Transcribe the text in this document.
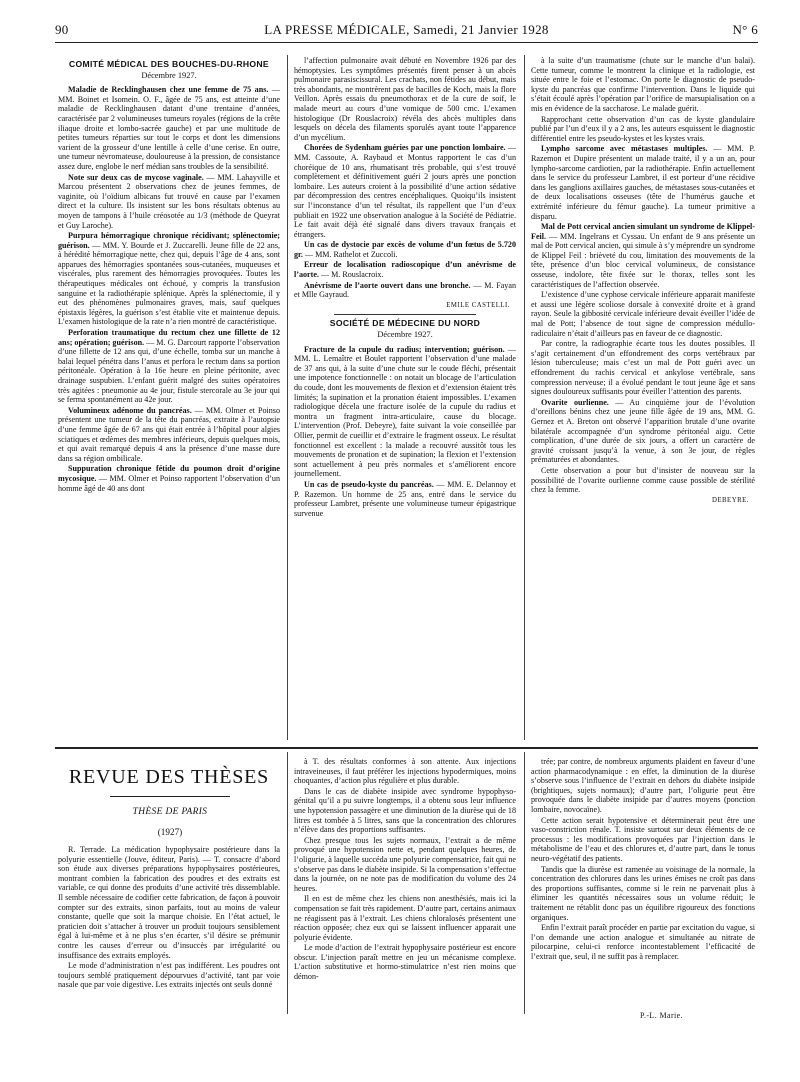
90	LA PRESSE MÉDICALE, Samedi, 21 Janvier 1928	N° 6
COMITÉ MÉDICAL DES BOUCHES-DU-RHONE
Décembre 1927.

Maladie de Recklinghausen chez une femme de 75 ans. — MM. Boinet et Isomein. O. F., âgée de 75 ans, est atteinte d’une maladie de Recklinghausen datant d’une trentaine d’années, caractérisée par 2 volumineuses tumeurs royales (régions de la crête iliaque droite et lombo-sacrée gauche) et par une multitude de petites tumeurs réparties sur tout le corps et dont les dimensions varient de la grosseur d’une lentille à celle d’une cerise. En outre, une tumeur névromateuse, douloureuse à la pression, de consistance assez dure, englobe le nerf médian sans troubles de la sensibilité.

Note sur deux cas de mycose vaginale. — MM. Lahayville et Marcou présentent 2 observations chez de jeunes femmes, de vaginite, où l’oïdium albicans fut trouvé en cause par l’examen direct et la culture. Ils insistent sur les bons résultats obtenus au moyen de tampons à l’huile créosotée au 1/3 (méthode de Queyrat et Guy Laroche).

Purpura hémorragique chronique récidivant; splénectomie; guérison. — MM. Y. Bourde et J. Zuccarelli. Jeune fille de 22 ans, à hérédité hémorragique nette, chez qui, depuis l’âge de 4 ans, sont apparues des hémorragies spontanées sous-cutanées, muqueuses et viscérales, plus rarement des hémorragies provoquées. Toutes les thérapeutiques médicales ont échoué, y compris la transfusion sanguine et la radiothérapie splénique. Après la splénectomie, il y eut des phénomènes pulmonaires graves, mais, sauf quelques épistaxis légères, la guérison s’est établie vite et maintenue depuis. L’examen histologique de la rate n’a rien montré de caractéristique.

Perforation traumatique du rectum chez une fillette de 12 ans; opération; guérison. — M. G. Darcourt rapporte l’observation d’une fillette de 12 ans qui, d’une échelle, tomba sur un manche à balai lequel pénétra dans l’anus et perfora le rectum dans sa portion péritonéale. Opération à la 16e heure en pleine péritonite, avec drainage suspubien. L’enfant guérit malgré des suites opératoires très agitées : pneumonie au 4e jour, fistule stercorale au 3e jour qui se ferma spontanément au 42e jour.

Volumineux adénome du pancréas. — MM. Olmer et Poinso présentent une tumeur de la tête du pancréas, extraite à l’autopsie d’une femme âgée de 67 ans qui était entrée à l’hôpital pour algies sciatiques et œdèmes des membres inférieurs, depuis quelques mois, et qui avait remarqué depuis 4 ans la présence d’une masse dure dans sa région ombilicale.

Suppuration chronique fétide du poumon droit d’origine mycosique. — MM. Olmer et Poinso rapportent l’observation d’un homme âgé de 40 ans dont

l’affection pulmonaire avait débuté en Novembre 1926 par des hémoptysies. Les symptômes présentés firent penser à un abcès pulmonaire parasiscissural. Les crachats, non fétides au début, mais très abondants, ne montrèrent pas de bacilles de Koch, mais la flore Veillon. Après essais du pneumothorax et de la cure de soif, le malade meurt au cours d’une vomique de 500 cmc. L’examen histologique (Dr Rouslacroix) révéla des abcès multiples dans lesquels on décela des filaments sporulés ayant toute l’apparence d’un mycélium.

Chorées de Sydenham guéries par une ponction lombaire. — MM. Cassoute, A. Raybaud et Montus rapportent le cas d’un choréique de 10 ans, rhumatisant très probable, qui s’est trouvé complètement et définitivement guéri 2 jours après une ponction lombaire. Les auteurs croient à la possibilité d’une action sédative par décompression des centres encéphaliques. Quoiqu’ils insistent sur l’inconstance d’un tel résultat, ils rappellent que l’un d’eux publiait en 1922 une observation analogue à la Société de Pédiatrie. Le fait avait déjà été signalé dans divers travaux français et étrangers.

Un cas de dystocie par excès de volume d’un fœtus de 5.720 gr. — MM. Rathelot et Zuccoli.

Erreur de localisation radioscopique d’un anévrisme de l’aorte. — M. Rouslacroix.

Anévrisme de l’aorte ouvert dans une bronche. — M. Fayan et Mlle Gayraud.

EMILE CASTELLI.
SOCIÉTÉ DE MÉDECINE DU NORD
Décembre 1927.

Fracture de la cupule du radius; intervention; guérison. — MM. L. Lemaître et Boulet rapportent l’observation d’une malade de 37 ans qui, à la suite d’une chute sur le coude fléchi, présentait une impotence fonctionnelle : on notait un blocage de l’articulation du coude, dont les mouvements de flexion et d’extension étaient très limités; la supination et la pronation étaient impossibles. L’examen radiologique décela une fracture isolée de la cupule du radius et montra un fragment intra-articulaire, cause du blocage. L’intervention (Prof. Debeyre), faite suivant la voie conseillée par Ollier, permit de cueillir et d’extraire le fragment osseux. Le résultat fonctionnel est excellent : la malade a recouvré aussitôt tous les mouvements de pronation et de supination; la flexion et l’extension sont actuellement à peu près normales et s’améliorent encore journellement.

Un cas de pseudo-kyste du pancréas. — MM. E. Delannoy et P. Razemon. Un homme de 25 ans, entré dans le service du professeur Lambret, présente une volumineuse tumeur épigastrique survenue

à la suite d’un traumatisme (chute sur le manche d’un balai). Cette tumeur, comme le montrent la clinique et la radiologie, est située entre le foie et l’estomac. On porte le diagnostic de pseudo-kyste du pancréas que confirme l’intervention. Dans le liquide qui s’était écoulé après l’opération par l’orifice de marsupialisation on a mis en évidence de la saccharose. Le malade guérit.

Rapprochant cette observation d’un cas de kyste glandulaire publié par l’un d’eux il y a 2 ans, les auteurs esquissent le diagnostic différentiel entre les pseudo-kystes et les kystes vrais.

Lympho sarcome avec métastases multiples. — MM. P. Razemon et Dupire présentent un malade traité, il y a un an, pour lympho-sarcome cardiotien, par la radiothérapie. Enfin actuellement dans le service du professeur Lambret, il est porteur d’une récidive dans les ganglions axillaires gauches, de métastases sous-cutanées et de deux localisations osseuses (tête de l’humérus gauche et extrémité inférieure du fémur gauche). La tumeur primitive a disparu.

Mal de Pott cervical ancien simulant un syndrome de Klippel-Feil. — MM. Ingelrans et Cyssau. Un enfant de 9 ans présente un mal de Pott cervical ancien, qui simule à s’y méprendre un syndrome de Klippel Feil : brièveté du cou, limitation des mouvements de la tête, présence d’un bloc cervical volumineux, de consistance osseuse, indolore, tête fixée sur le thorax, telles sont les caractéristiques de l’affection observée.

L’existence d’une cyphose cervicale inférieure apparait manifeste et aussi une légère scoliose dorsale à convexité droite et à grand rayon. Seule la gibbosité cervicale inférieure devait éveiller l’idée de mal de Pott; l’absence de tout signe de compression médullo-radiculaire n’était d’ailleurs pas en faveur de ce diagnostic.

Par contre, la radiographie écarte tous les doutes possibles. Il s’agit certainement d’un effondrement des corps vertébraux par lésion tuberculeuse; mais c’est un mal de Pott guéri avec un effondrement du rachis cervical et ankylose vertébrale, sans compression nerveuse; il a évolué pendant le tout jeune âge et sans signes douloureux suffisants pour éveiller l’attention des parents.

Ovarite ourlienne. — Au cinquième jour de l’évolution d’oreillons bénins chez une jeune fille âgée de 19 ans, MM. G. Gernez et A. Breton ont observé l’apparition brutale d’une ovarite bilatérale accompagnée d’un syndrome péritonéal aigu. Cette complication, d’une durée de six jours, a offert un caractère de gravité croissant jusqu’à la venue, à son 3e jour, de règles prématurées et abondantes.

Cette observation a pour but d’insister de nouveau sur la possibilité de l’ovarite ourlienne comme cause possible de stérilité chez la femme.

DEBEYRE.
REVUE DES THÈSES
THÈSE DE PARIS
(1927)

R. Terrade. La médication hypophysaire postérieure dans la polyurie essentielle (Jouve, éditeur, Paris). — T. consacre d’abord son étude aux diverses préparations hypophysaires postérieures, montrant combien la fabrication des poudres et des extraits est variable, ce qui donne des produits d’une activité très dissemblable. Il semble nécessaire de codifier cette fabrication, de façon à pouvoir compter sur des extraits, sinon parfaits, tout au moins de valeur constante, quelle que soit la marque choisie. En l’état actuel, le praticien doit s’attacher à trouver un produit toujours sensiblement égal à lui-même et à ne plus s’en écarter, s’il désire se prémunir contre les causes d’erreur ou d’insuccès par irrégularité ou insuffisance des extraits employés.

Le mode d’administration n’est pas indifférent. Les poudres ont toujours semblé pratiquement dépourvues d’activité, tant par voie nasale que par voie digestive. Les extraits injectés ont seuls donné

à T. des résultats conformes à son attente. Aux injections intraveineuses, il faut préférer les injections hypodermiques, moins choquantes, d’action plus régulière et plus durable.

Dans le cas de diabète insipide avec syndrome hypophyso-génital qu’il a pu suivre longtemps, il a obtenu sous leur influence une hypotension passagère et une diminution de la diurèse qui de 18 litres est tombée à 5 litres, sans que la concentration des chlorures n’élève dans des proportions suffisantes.

Chez presque tous les sujets normaux, l’extrait a de même provoqué une hypotension nette et, pendant quelques heures, de l’oligurie, à laquelle succéda une polyurie compensatrice, fait qui ne s’observe pas dans le diabète insipide. Si la compensation s’effectue dans la journée, on ne note pas de modification du volume des 24 heures.

Il en est de même chez les chiens non anesthésiés, mais ici la compensation se fait très rapidement. D’autre part, certains animaux ne réagissent pas à l’extrait. Les chiens chloralosés présentent une réaction opposée; chez eux qui se laissent influencer apparait une polyurie évidente.

Le mode d’action de l’extrait hypophysaire postérieur est encore obscur. L’injection paraît mettre en jeu un mécanisme complexe. L’action substitutive et hormo-stimulatrice n’est rien moins que démon-

trée; par contre, de nombreux arguments plaident en faveur d’une action pharmacodynamique : en effet, la diminution de la diurèse s’observe sous l’influence de l’extrait en dehors du diabète insipide (brightiques, sujets normaux); d’autre part, l’oligurie peut être provoquée dans le diabète insipide par d’autres moyens (ponction lombaire, novocaïne).

Cette action serait hypotensive et déterminerait peut être une vaso-constriction rénale. T. insiste surtout sur deux éléments de ce processus : les modifications provoquées par l’injection dans le métabolisme de l’eau et des chlorures et, d’autre part, dans le tonus neuro-végétatif des patients.

Tandis que la diurèse est ramenée au voisinage de la normale, la concentration des chlorures dans les urines émises ne croît pas dans des proportions suffisantes, comme si le rein ne parvenait plus à éliminer les quantités nécessaires sous un volume réduit; le traitement ne rétablit donc pas un équilibre rigoureux des fonctions organiques.

Enfin l’extrait paraît procéder en partie par excitation du vague, si l’on demande une action analogue et simultanée au nitrate de pilocarpine, celui-ci renforce incontestablement l’efficacité de l’extrait que, seul, il ne suffit pas à remplacer.

P.-L. Marie.
